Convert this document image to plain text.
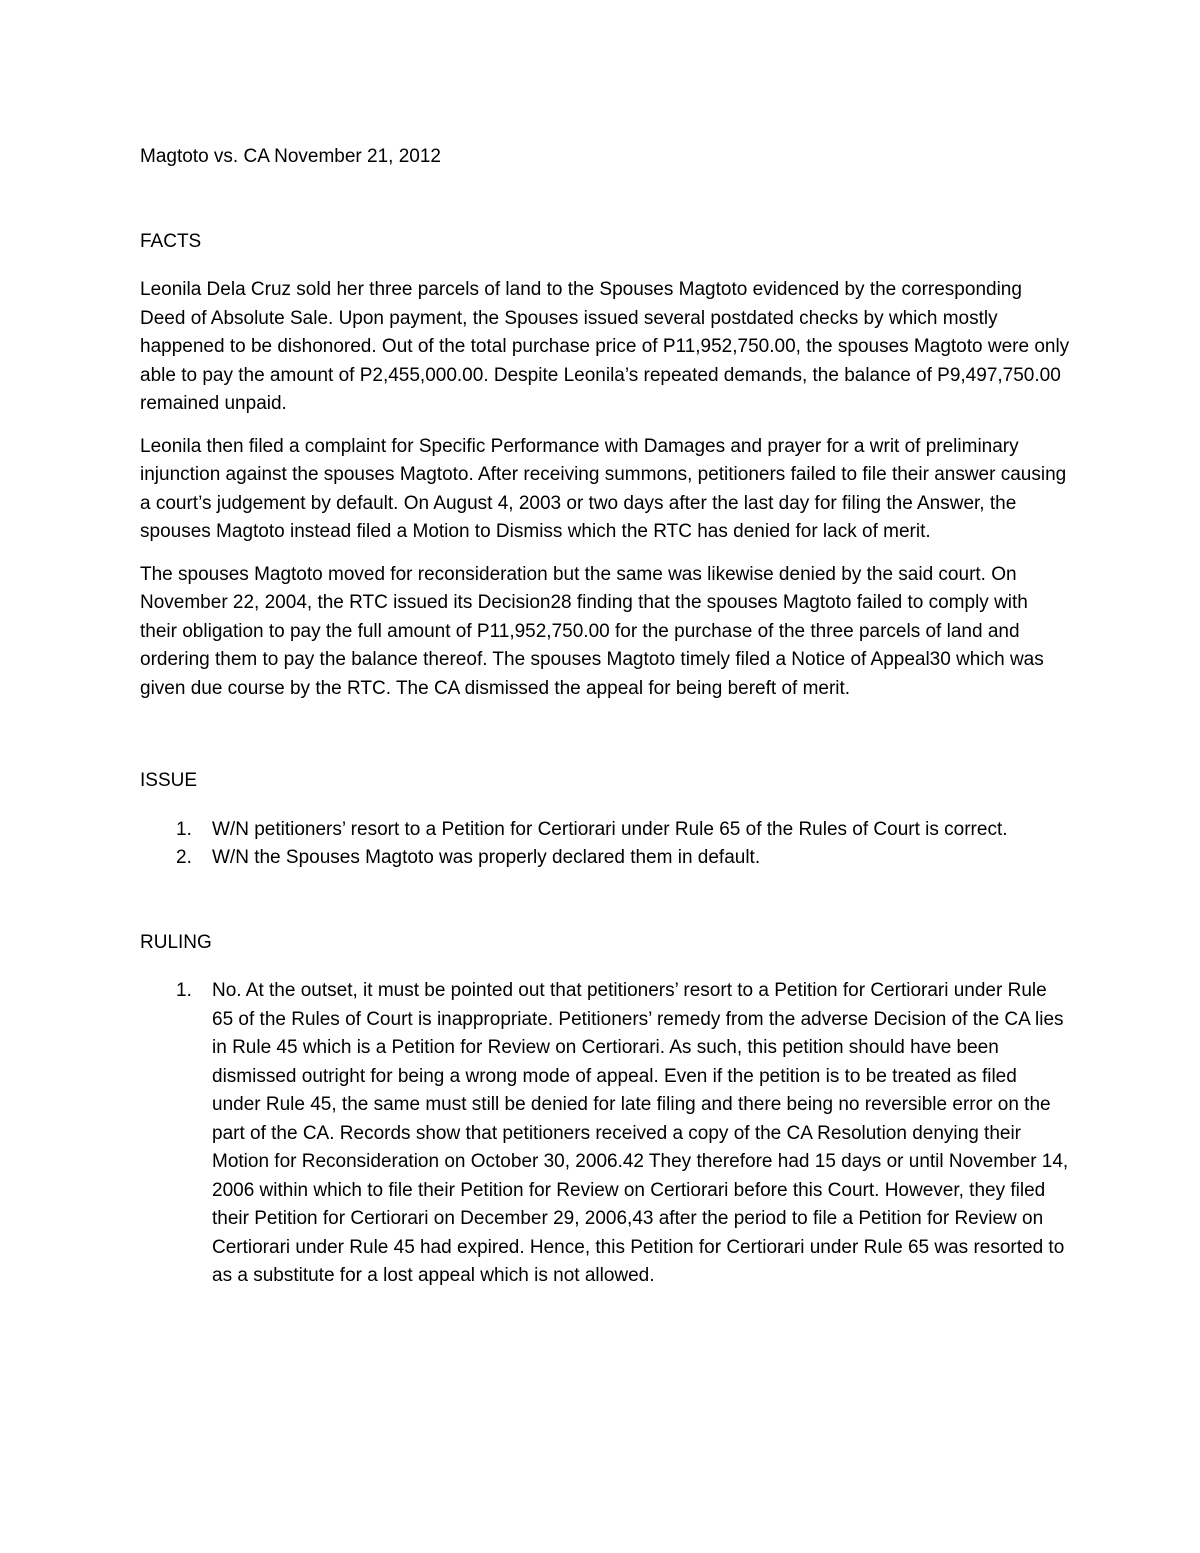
Magtoto vs. CA November 21, 2012

FACTS

Leonila Dela Cruz sold her three parcels of land to the Spouses Magtoto evidenced by the corresponding Deed of Absolute Sale. Upon payment, the Spouses issued several postdated checks by which mostly happened to be dishonored. Out of the total purchase price of P11,952,750.00, the spouses Magtoto were only able to pay the amount of P2,455,000.00. Despite Leonila’s repeated demands, the balance of P9,497,750.00 remained unpaid.

Leonila then filed a complaint for Specific Performance with Damages and prayer for a writ of preliminary injunction against the spouses Magtoto. After receiving summons, petitioners failed to file their answer causing a court’s judgement by default. On August 4, 2003 or two days after the last day for filing the Answer, the spouses Magtoto instead filed a Motion to Dismiss which the RTC has denied for lack of merit.

The spouses Magtoto moved for reconsideration but the same was likewise denied by the said court. On November 22, 2004, the RTC issued its Decision28 finding that the spouses Magtoto failed to comply with their obligation to pay the full amount of P11,952,750.00 for the purchase of the three parcels of land and ordering them to pay the balance thereof. The spouses Magtoto timely filed a Notice of Appeal30 which was given due course by the RTC. The CA dismissed the appeal for being bereft of merit.

ISSUE

1. W/N petitioners’ resort to a Petition for Certiorari under Rule 65 of the Rules of Court is correct.
2. W/N the Spouses Magtoto was properly declared them in default.

RULING

1. No. At the outset, it must be pointed out that petitioners’ resort to a Petition for Certiorari under Rule 65 of the Rules of Court is inappropriate. Petitioners’ remedy from the adverse Decision of the CA lies in Rule 45 which is a Petition for Review on Certiorari. As such, this petition should have been dismissed outright for being a wrong mode of appeal. Even if the petition is to be treated as filed under Rule 45, the same must still be denied for late filing and there being no reversible error on the part of the CA. Records show that petitioners received a copy of the CA Resolution denying their Motion for Reconsideration on October 30, 2006.42 They therefore had 15 days or until November 14, 2006 within which to file their Petition for Review on Certiorari before this Court. However, they filed their Petition for Certiorari on December 29, 2006,43 after the period to file a Petition for Review on Certiorari under Rule 45 had expired. Hence, this Petition for Certiorari under Rule 65 was resorted to as a substitute for a lost appeal which is not allowed.
